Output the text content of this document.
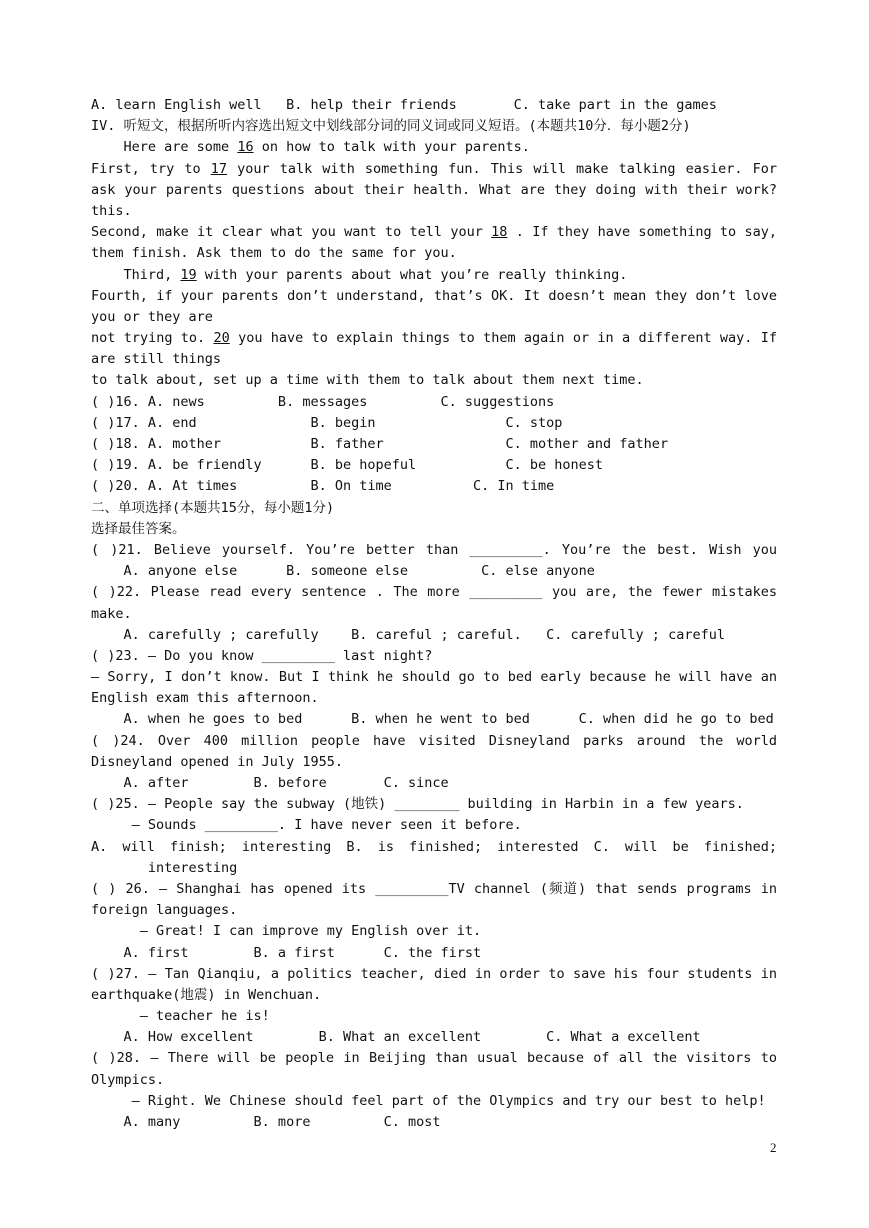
A. learn English well   B. help their friends       C. take part in the games
IV. 听短文，根据所听内容选出短文中划线部分词的同义词或同义短语。(本题共10分．每小题2分)
Here are some 16 on how to talk with your parents.
First, try to 17 your talk with something fun. This will make talking easier. For
ask your parents questions about their health. What are they doing with their work?
this.
Second, make it clear what you want to tell your 18 . If they have something to say,
them finish. Ask them to do the same for you.
Third, 19 with your parents about what you’re really thinking.
Fourth, if your parents don’t understand, that’s OK. It doesn’t mean they don’t love
you or they are
not trying to. 20 you have to explain things to them again or in a different way. If
are still things
to talk about, set up a time with them to talk about them next time.
( )16. A. news         B. messages         C. suggestions
( )17. A. end              B. begin                C. stop
( )18. A. mother           B. father               C. mother and father
( )19. A. be friendly      B. be hopeful           C. be honest
( )20. A. At times         B. On time          C. In time
二、单项选择(本题共15分，每小题1分)
选择最佳答案。
( )21. Believe yourself. You’re better than _________. You’re the best. Wish you
A. anyone else      B. someone else         C. else anyone
( )22. Please read every sentence . The more _________ you are, the fewer mistakes
make.
A. carefully ; carefully    B. careful ; careful.   C. carefully ; careful
( )23. — Do you know _________ last night?
— Sorry, I don’t know. But I think he should go to bed early because he will have an
English exam this afternoon.
A. when he goes to bed      B. when he went to bed      C. when did he go to bed
( )24. Over 400 million people have visited Disneyland parks around the world
Disneyland opened in July 1955.
A. after        B. before       C. since
( )25. — People say the subway (地铁) ________ building in Harbin in a few years.
— Sounds _________. I have never seen it before.
A. will finish; interesting B. is finished; interested C. will be finished;
interesting
( ) 26. — Shanghai has opened its _________TV channel (频道) that sends programs in
foreign languages.
— Great! I can improve my English over it.
A. first        B. a first      C. the first
( )27. — Tan Qianqiu, a politics teacher, died in order to save his four students in
earthquake(地震) in Wenchuan.
— teacher he is!
A. How excellent        B. What an excellent        C. What a excellent
( )28. — There will be people in Beijing than usual because of all the visitors to
Olympics.
— Right. We Chinese should feel part of the Olympics and try our best to help!
A. many         B. more         C. most
2
